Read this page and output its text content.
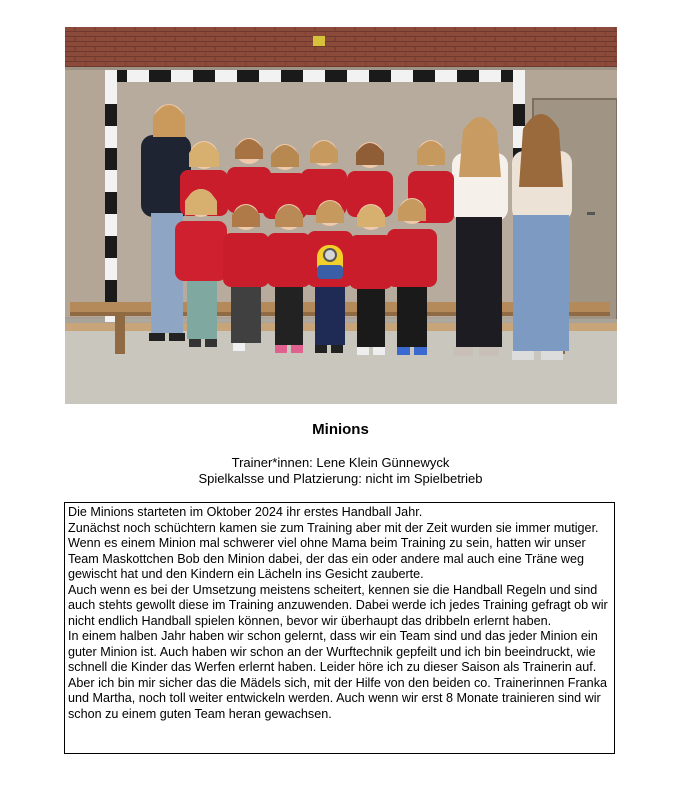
Minions
Trainer*innen: Lene Klein Günnewyck
Spielkalsse und Platzierung: nicht im Spielbetrieb

Die Minions starteten im Oktober 2024 ihr erstes Handball Jahr.

Zunächst noch schüchtern kamen sie zum Training aber mit der Zeit wurden sie immer mutiger.

Wenn es einem Minion mal schwerer viel ohne Mama beim Training zu sein, hatten wir unser Team Maskottchen Bob den Minion dabei, der das ein oder andere mal auch eine Träne weg gewischt hat und den Kindern ein Lächeln ins Gesicht zauberte.

Auch wenn es bei der Umsetzung meistens scheitert, kennen sie die Handball Regeln und sind auch stehts gewollt diese im Training anzuwenden. Dabei werde ich jedes Training gefragt ob wir nicht endlich Handball spielen können, bevor wir überhaupt das dribbeln erlernt haben.

In einem halben Jahr haben wir schon gelernt, dass wir ein Team sind und das jeder Minion ein guter Minion ist. Auch haben wir schon an der Wurftechnik gepfeilt und ich bin beeindruckt, wie schnell die Kinder das Werfen erlernt haben. Leider höre ich zu dieser Saison als Trainerin auf. Aber ich bin mir sicher das die Mädels sich, mit der Hilfe von den beiden co. Trainerinnen Franka und Martha, noch toll weiter entwickeln werden. Auch wenn wir erst 8 Monate trainieren sind wir schon zu einem guten Team heran gewachsen.
